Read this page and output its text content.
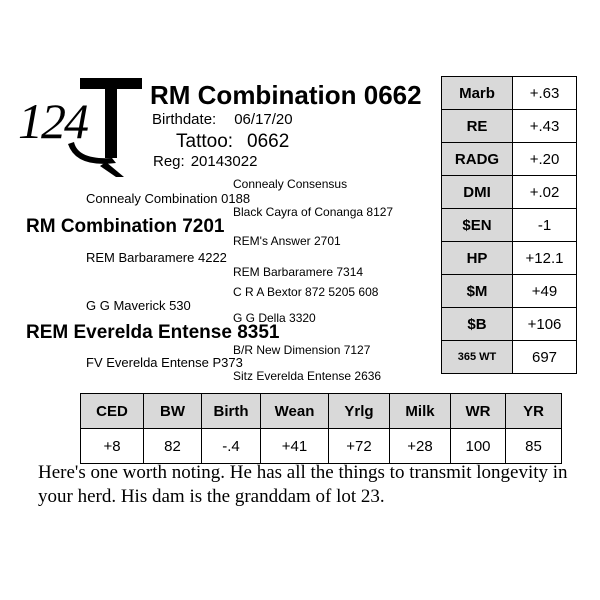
124 RM Combination 0662
Birthdate: 06/17/20
Tattoo: 0662
Reg: 20143022
Connealy Consensus
Connealy Combination 0188
Black Cayra of Conanga 8127
RM Combination 7201
REM's Answer 2701
REM Barbaramere 4222
REM Barbaramere 7314
C R A Bextor 872 5205 608
G G Maverick 530
G G Della 3320
REM Everelda Entense 8351
B/R New Dimension 7127
FV Everelda Entense P373
Sitz Everelda Entense 2636
Marb	+.63
RE	+.43
RADG	+.20
DMI	+.02
$EN	-1
HP	+12.1
$M	+49
$B	+106
365 WT	697
CED	BW	Birth	Wean	Yrlg	Milk	WR	YR
+8	82	-.4	+41	+72	+28	100	85
Here's one worth noting. He has all the things to transmit longevity in your herd. His dam is the granddam of lot 23.
